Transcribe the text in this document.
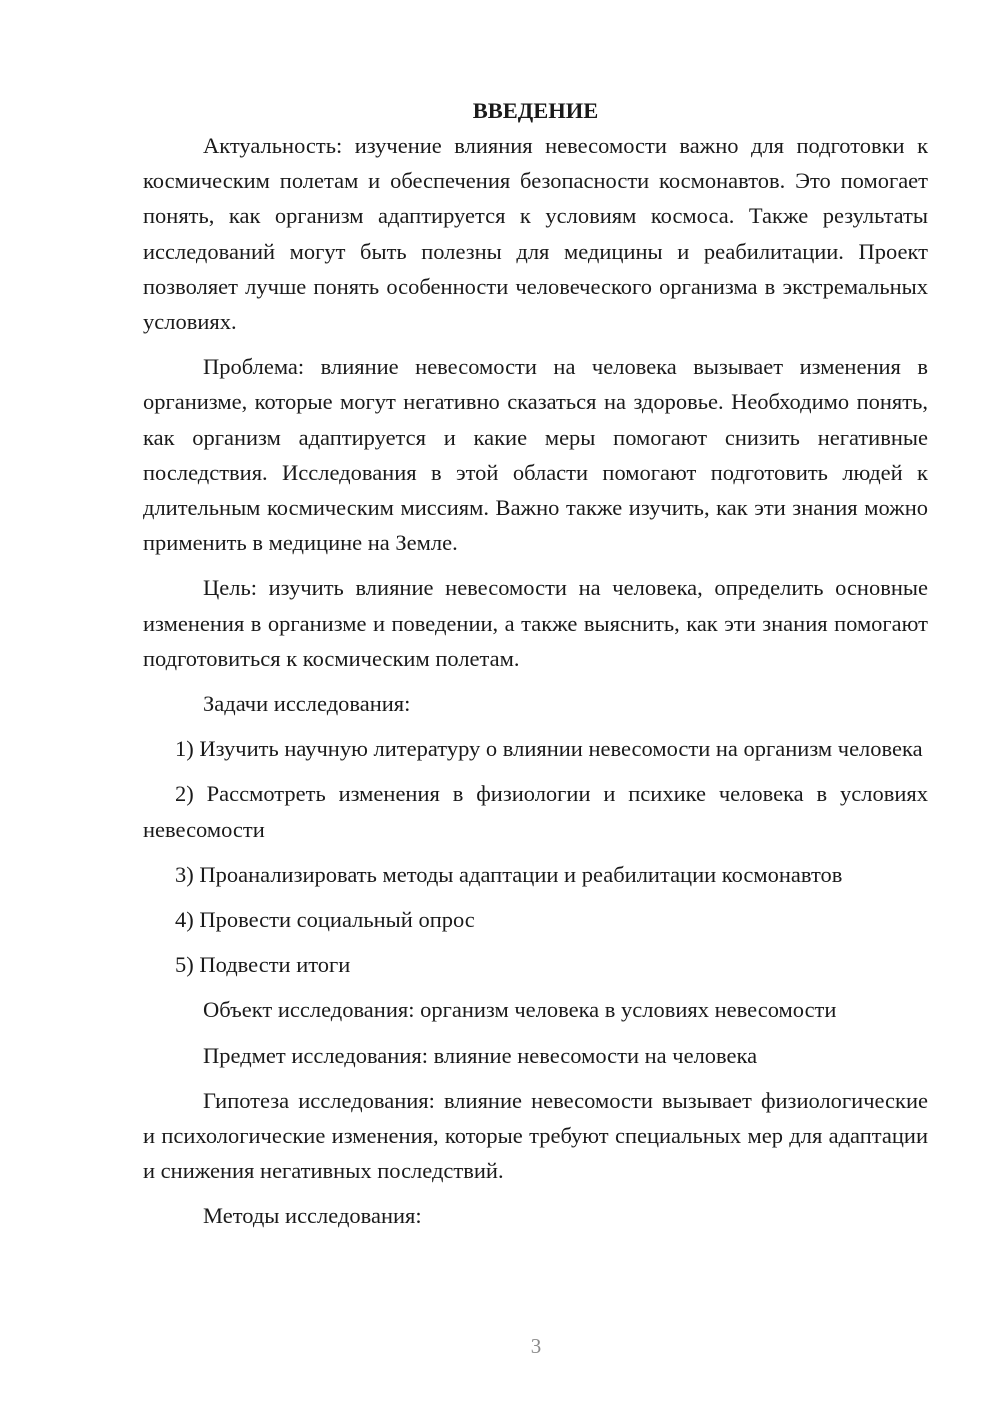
ВВЕДЕНИЕ

Актуальность: изучение влияния невесомости важно для подготовки к космическим полетам и обеспечения безопасности космонавтов. Это помогает понять, как организм адаптируется к условиям космоса. Также результаты исследований могут быть полезны для медицины и реабилитации. Проект позволяет лучше понять особенности человеческого организма в экстремальных условиях.

Проблема: влияние невесомости на человека вызывает изменения в организме, которые могут негативно сказаться на здоровье. Необходимо понять, как организм адаптируется и какие меры помогают снизить негативные последствия. Исследования в этой области помогают подготовить людей к длительным космическим миссиям. Важно также изучить, как эти знания можно применить в медицине на Земле.

Цель: изучить влияние невесомости на человека, определить основные изменения в организме и поведении, а также выяснить, как эти знания помогают подготовиться к космическим полетам.

Задачи исследования:

1) Изучить научную литературу о влиянии невесомости на организм человека

2) Рассмотреть изменения в физиологии и психике человека в условиях невесомости

3) Проанализировать методы адаптации и реабилитации космонавтов

4) Провести социальный опрос

5) Подвести итоги

Объект исследования: организм человека в условиях невесомости

Предмет исследования: влияние невесомости на человека

Гипотеза исследования: влияние невесомости вызывает физиологические и психологические изменения, которые требуют специальных мер для адаптации и снижения негативных последствий.

Методы исследования:

3
